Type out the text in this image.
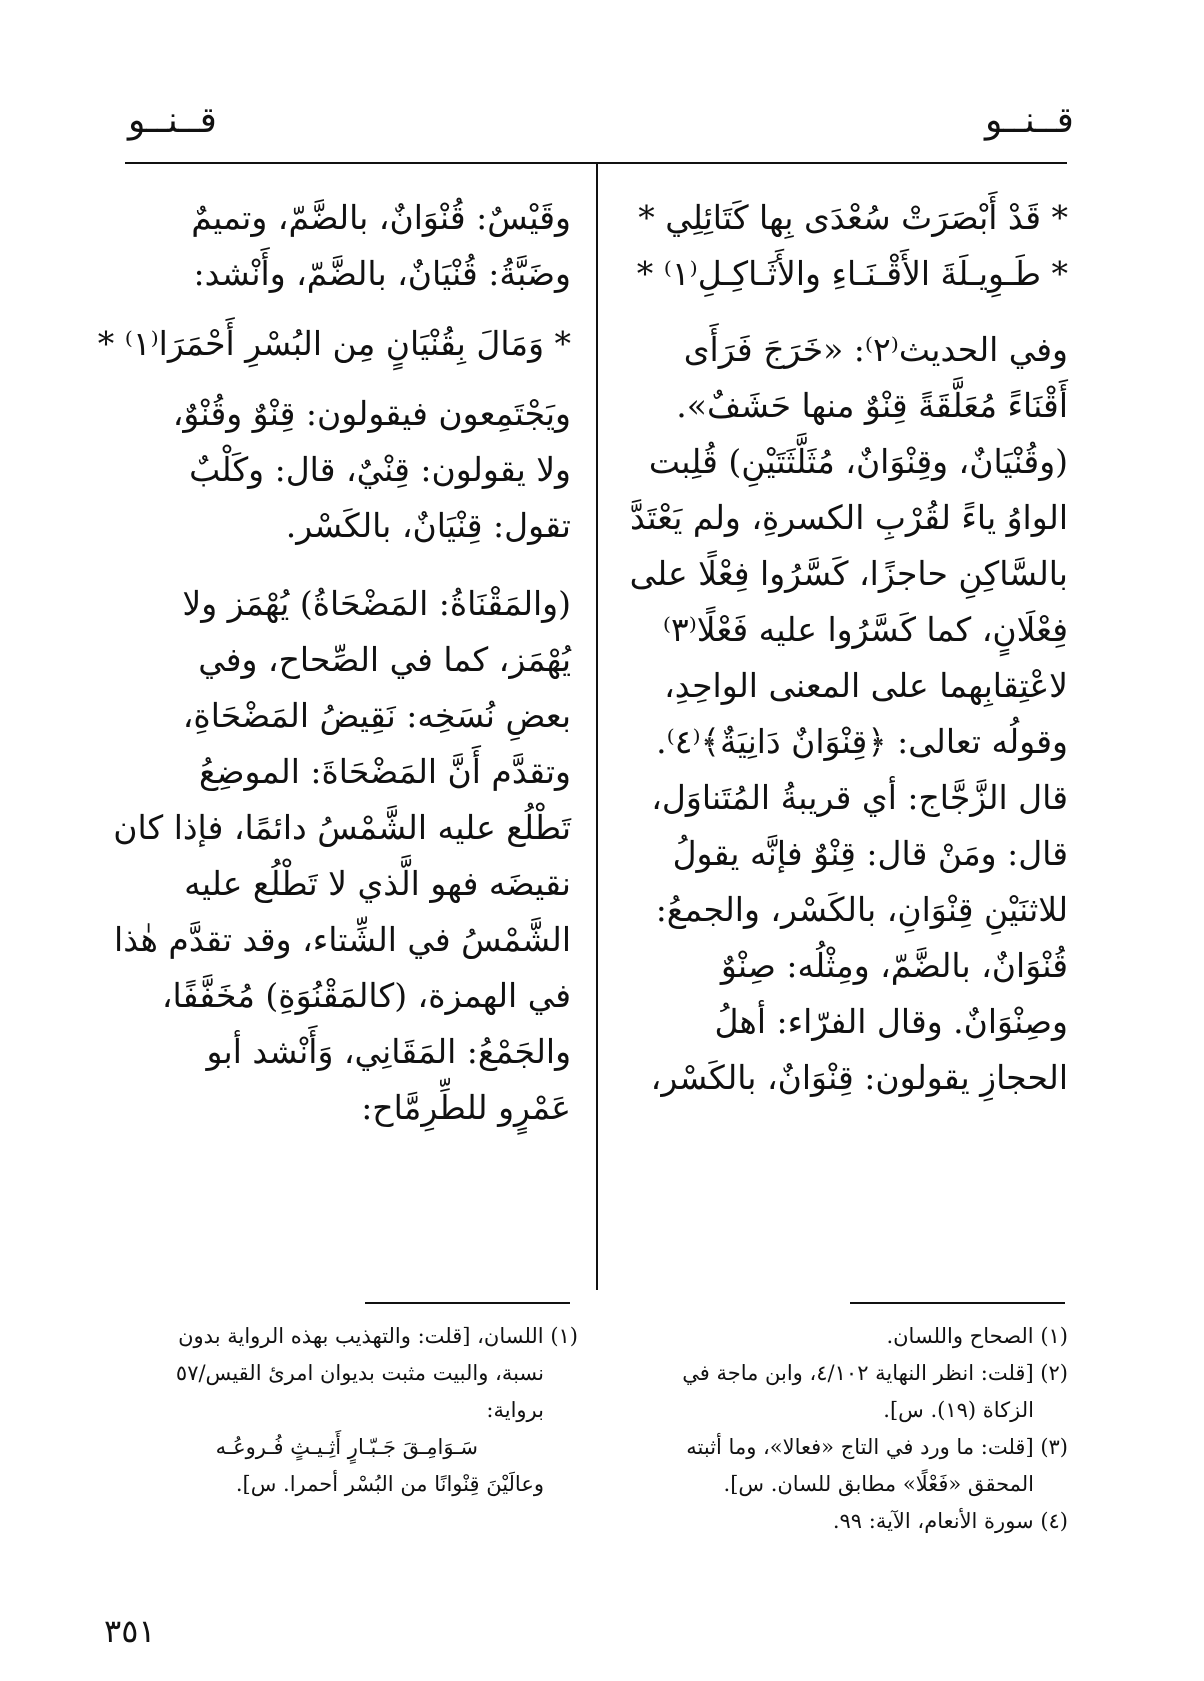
قــنــو
قــنــو
* قَدْ أَبْصَرَتْ سُعْدَى بِها كَتَائِلِي *
* طَـوِيـلَةَ الأَقْـنَـاءِ والأَثَـاكِـلِ⁽١⁾ *
وفي الحديث⁽٢⁾: «خَرَجَ فَرَأَى
أَقْنَاءً مُعَلَّقَةً قِنْوٌ منها حَشَفٌ».
(وقُنْيَانٌ، وقِنْوَانٌ، مُثَلَّثَتَيْنِ) قُلِبت
الواوُ ياءً لقُرْبِ الكسرةِ، ولم يَعْتَدَّ
بالسَّاكِنِ حاجزًا، كَسَّرُوا فِعْلًا على
فِعْلَانٍ، كما كَسَّرُوا عليه فَعْلًا⁽٣⁾
لاعْتِقابِهما على المعنى الواحِدِ،
وقولُه تعالى: ﴿قِنْوَانٌ دَانِيَةٌ﴾⁽٤⁾.
قال الزَّجَّاج: أي قريبةُ المُتَناوَل،
قال: ومَنْ قال: قِنْوٌ فإنَّه يقولُ
للاثنَيْنِ قِنْوَانِ، بالكَسْر، والجمعُ:
قُنْوَانٌ، بالضَّمّ، ومِثْلُه: صِنْوٌ
وصِنْوَانٌ. وقال الفرّاء: أهلُ
الحجازِ يقولون: قِنْوَانٌ، بالكَسْر،
وقَيْسٌ: قُنْوَانٌ، بالضَّمّ، وتميمٌ
وضَبَّةُ: قُنْيَانٌ، بالضَّمّ، وأَنْشد:
* وَمَالَ بِقُنْيَانٍ مِن البُسْرِ أَحْمَرَا⁽١⁾ *
ويَجْتَمِعون فيقولون: قِنْوٌ وقُنْوٌ،
ولا يقولون: قِنْيٌ، قال: وكَلْبٌ
تقول: قِنْيَانٌ، بالكَسْر.
(والمَقْنَاةُ: المَضْحَاةُ) يُهْمَز ولا
يُهْمَز، كما في الصِّحاح، وفي
بعضِ نُسَخِه: نَقِيضُ المَضْحَاةِ،
وتقدَّم أَنَّ المَضْحَاةَ: الموضِعُ
تَطْلُع عليه الشَّمْسُ دائمًا، فإذا كان
نقيضَه فهو الَّذي لا تَطْلُع عليه
الشَّمْسُ في الشِّتاء، وقد تقدَّم هٰذا
في الهمزة، (كالمَقْنُوَةِ) مُخَفَّفًا،
والجَمْعُ: المَقَانِي، وَأَنْشد أبو
عَمْرٍو للطِّرِمَّاح:
(١) الصحاح واللسان.
(٢) [قلت: انظر النهاية ٤/١٠٢، وابن ماجة في
الزكاة (١٩). س].
(٣) [قلت: ما ورد في التاج «فعالا»، وما أثبته
المحقق «فَعْلًا» مطابق للسان. س].
(٤) سورة الأنعام، الآية: ٩٩.
(١) اللسان، [قلت: والتهذيب بهذه الرواية بدون
نسبة، والبيت مثبت بديوان امرئ القيس/٥٧
برواية:
سَـوَامِـقَ جَـبّـارٍ أَثِـيـثٍ فُـروعُـه
وعالَيْنَ قِنْوانًا من البُسْر أحمرا. س].
٣٥١
